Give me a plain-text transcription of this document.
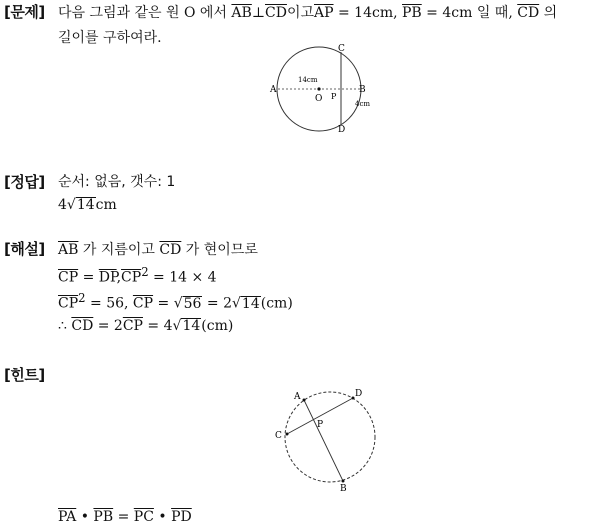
[문제] 다음 그림과 같은 원 O 에서 $\overline{AB}\perp\overline{CD}$이고$\overline{AP} = 14cm$, $\overline{PB} = 4cm$ 일 때, $\overline{CD}$ 의
길이를 구하여라.
A
C
B
D
O P
14cm
4cm
[정답] 순서: 없음, 갯수: 1
4√14cm
[해설] $\overline{AB}$ 가 지름이고 $\overline{CD}$ 가 현이므로
$\overline{CP} = \overline{DP},\overline{CP}^2 = 14 \times 4$
$\overline{CP}^2 = 56$, $\overline{CP} = √56 = 2√14(cm)$
∴ $\overline{CD} = 2\overline{CP} = 4√14(cm)$
[힌트]
A
B
C
D
P
$\overline{PA}$ • $\overline{PB} = \overline{PC}$ • $\overline{PD}$
